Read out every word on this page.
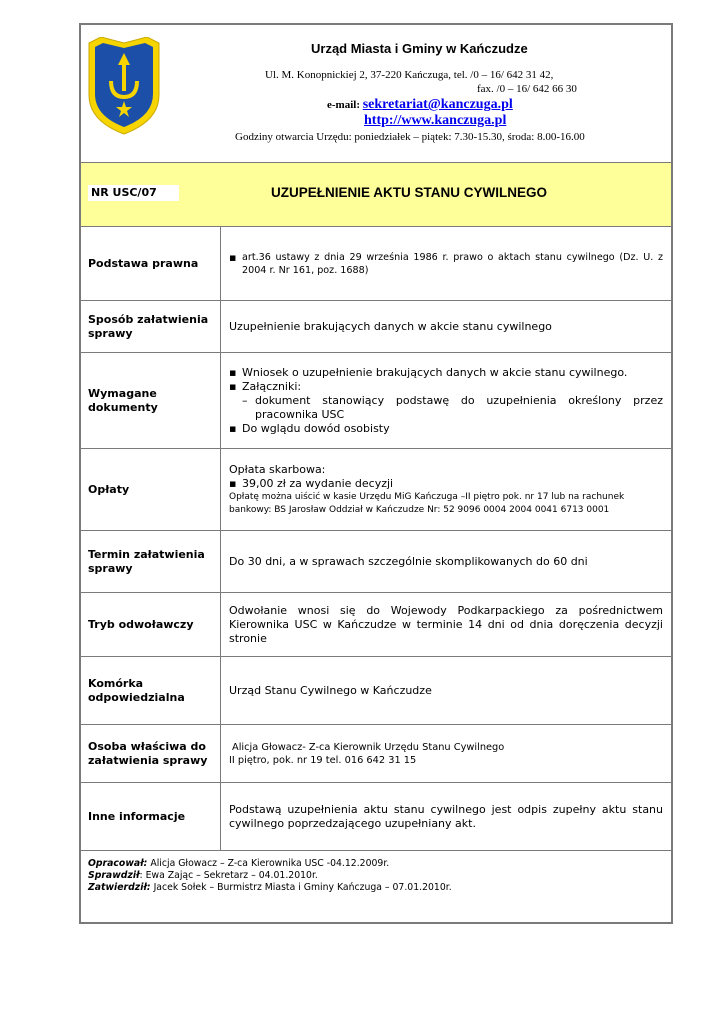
Urząd Miasta i Gminy w Kańczudze
Ul. M. Konopnickiej 2, 37-220 Kańczuga, tel. /0 – 16/ 642 31 42,
fax. /0 – 16/ 642 66 30
e-mail: sekretariat@kanczuga.pl
http://www.kanczuga.pl
Godziny otwarcia Urzędu: poniedziałek – piątek: 7.30-15.30, środa: 8.00-16.00
NR USC/07	UZUPEŁNIENIE AKTU STANU CYWILNEGO
Podstawa prawna	▪ art.36 ustawy z dnia 29 września 1986 r. prawo o aktach stanu cywilnego (Dz. U. z 2004 r. Nr 161, poz. 1688)
Sposób załatwienia sprawy
Uzupełnienie brakujących danych w akcie stanu cywilnego
Wymagane dokumenty
▪ Wniosek o uzupełnienie brakujących danych w akcie stanu cywilnego.
▪ Załączniki:
– dokument stanowiący podstawę do uzupełnienia określony przez pracownika USC
▪ Do wglądu dowód osobisty
Opłaty
Opłata skarbowa:
▪ 39,00 zł za wydanie decyzji
Opłatę można uiścić w kasie Urzędu MiG Kańczuga –II piętro pok. nr 17 lub na rachunek bankowy: BS Jarosław Oddział w Kańczudze Nr: 52 9096 0004 2004 0041 6713 0001
Termin załatwienia sprawy
Do 30 dni, a w sprawach szczególnie skomplikowanych do 60 dni
Tryb odwoławczy
Odwołanie wnosi się do Wojewody Podkarpackiego za pośrednictwem Kierownika USC w Kańczudze w terminie 14 dni od dnia doręczenia decyzji stronie
Komórka odpowiedzialna
Urząd Stanu Cywilnego w Kańczudze
Osoba właściwa do załatwienia sprawy
Alicja Głowacz- Z-ca Kierownik Urzędu Stanu Cywilnego
II piętro, pok. nr 19 tel. 016 642 31 15
Inne informacje
Podstawą uzupełnienia aktu stanu cywilnego jest odpis zupełny aktu stanu cywilnego poprzedzającego uzupełniany akt.
Opracował: Alicja Głowacz – Z-ca Kierownika USC -04.12.2009r.
Sprawdził: Ewa Zając – Sekretarz – 04.01.2010r.
Zatwierdził: Jacek Sołek – Burmistrz Miasta i Gminy Kańczuga – 07.01.2010r.
